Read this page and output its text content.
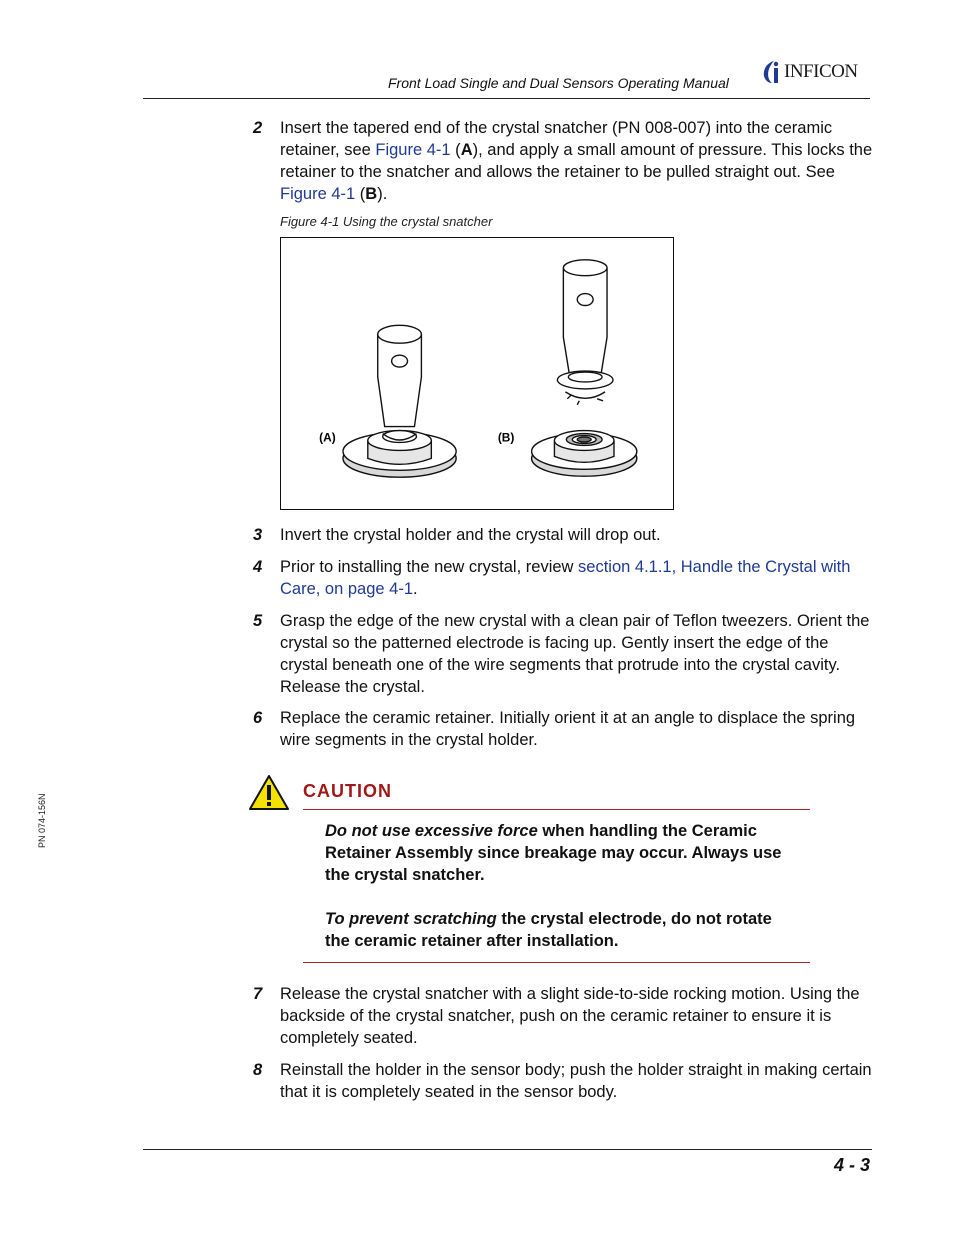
Front Load Single and Dual Sensors Operating Manual
INFICON
2 Insert the tapered end of the crystal snatcher (PN 008-007) into the ceramic retainer, see Figure 4-1 (A), and apply a small amount of pressure. This locks the retainer to the snatcher and allows the retainer to be pulled straight out. See Figure 4-1 (B).
Figure 4-1 Using the crystal snatcher
(A)	(B)
3 Invert the crystal holder and the crystal will drop out.
4 Prior to installing the new crystal, review section 4.1.1, Handle the Crystal with Care, on page 4-1.
5 Grasp the edge of the new crystal with a clean pair of Teflon tweezers. Orient the crystal so the patterned electrode is facing up. Gently insert the edge of the crystal beneath one of the wire segments that protrude into the crystal cavity. Release the crystal.
6 Replace the ceramic retainer. Initially orient it at an angle to displace the spring wire segments in the crystal holder.
PN 074-156N
CAUTION
Do not use excessive force when handling the Ceramic Retainer Assembly since breakage may occur. Always use the crystal snatcher.
To prevent scratching the crystal electrode, do not rotate the ceramic retainer after installation.
7 Release the crystal snatcher with a slight side-to-side rocking motion. Using the backside of the crystal snatcher, push on the ceramic retainer to ensure it is completely seated.
8 Reinstall the holder in the sensor body; push the holder straight in making certain that it is completely seated in the sensor body.
4 - 3
